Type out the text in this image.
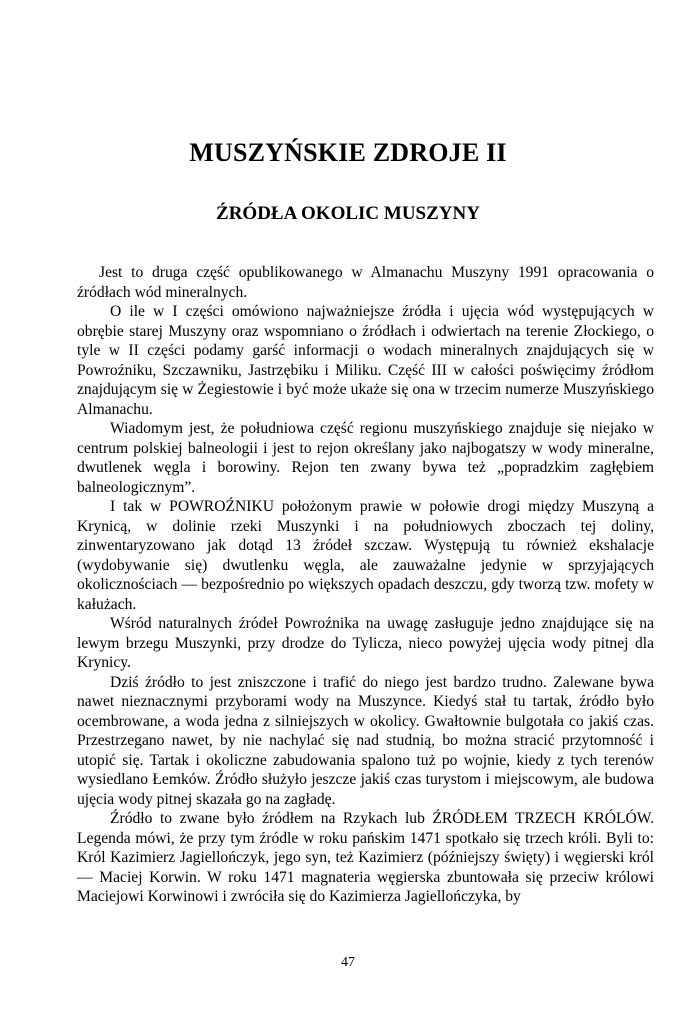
MUSZYŃSKIE ZDROJE II
ŹRÓDŁA OKOLIC MUSZYNY

Jest to druga część opublikowanego w Almanachu Muszyny 1991 opracowania o źródłach wód mineralnych.

O ile w I części omówiono najważniejsze źródła i ujęcia wód występujących w obrębie starej Muszyny oraz wspomniano o źródłach i odwiertach na terenie Złockiego, o tyle w II części podamy garść informacji o wodach mineralnych znajdujących się w Powroźniku, Szczawniku, Jastrzębiku i Miliku. Część III w całości poświęcimy źródłom znajdującym się w Żegiestowie i być może ukaże się ona w trzecim numerze Muszyńskiego Almanachu.

Wiadomym jest, że południowa część regionu muszyńskiego znajduje się niejako w centrum polskiej balneologii i jest to rejon określany jako najbogatszy w wody mineralne, dwutlenek węgla i borowiny. Rejon ten zwany bywa też „popradzkim zagłębiem balneologicznym”.

I tak w POWROŹNIKU położonym prawie w połowie drogi między Muszyną a Krynicą, w dolinie rzeki Muszynki i na południowych zboczach tej doliny, zinwentaryzowano jak dotąd 13 źródeł szczaw. Występują tu również ekshalacje (wydobywanie się) dwutlenku węgla, ale zauważalne jedynie w sprzyjających okolicznościach — bezpośrednio po większych opadach deszczu, gdy tworzą tzw. mofety w kałużach.

Wśród naturalnych źródeł Powroźnika na uwagę zasługuje jedno znajdujące się na lewym brzegu Muszynki, przy drodze do Tylicza, nieco powyżej ujęcia wody pitnej dla Krynicy.

Dziś źródło to jest zniszczone i trafić do niego jest bardzo trudno. Zalewane bywa nawet nieznacznymi przyborami wody na Muszynce. Kiedyś stał tu tartak, źródło było ocembrowane, a woda jedna z silniejszych w okolicy. Gwałtownie bulgotała co jakiś czas. Przestrzegano nawet, by nie nachylać się nad studnią, bo można stracić przytomność i utopić się. Tartak i okoliczne zabudowania spalono tuż po wojnie, kiedy z tych terenów wysiedlano Łemków. Źródło służyło jeszcze jakiś czas turystom i miejscowym, ale budowa ujęcia wody pitnej skazała go na zagładę.

Źródło to zwane było źródłem na Rzykach lub ŹRÓDŁEM TRZECH KRÓLÓW. Legenda mówi, że przy tym źródle w roku pańskim 1471 spotkało się trzech króli. Byli to: Król Kazimierz Jagiellończyk, jego syn, też Kazimierz (późniejszy święty) i węgierski król — Maciej Korwin. W roku 1471 magnateria węgierska zbuntowała się przeciw królowi Maciejowi Korwinowi i zwróciła się do Kazimierza Jagiellończyka, by

47
